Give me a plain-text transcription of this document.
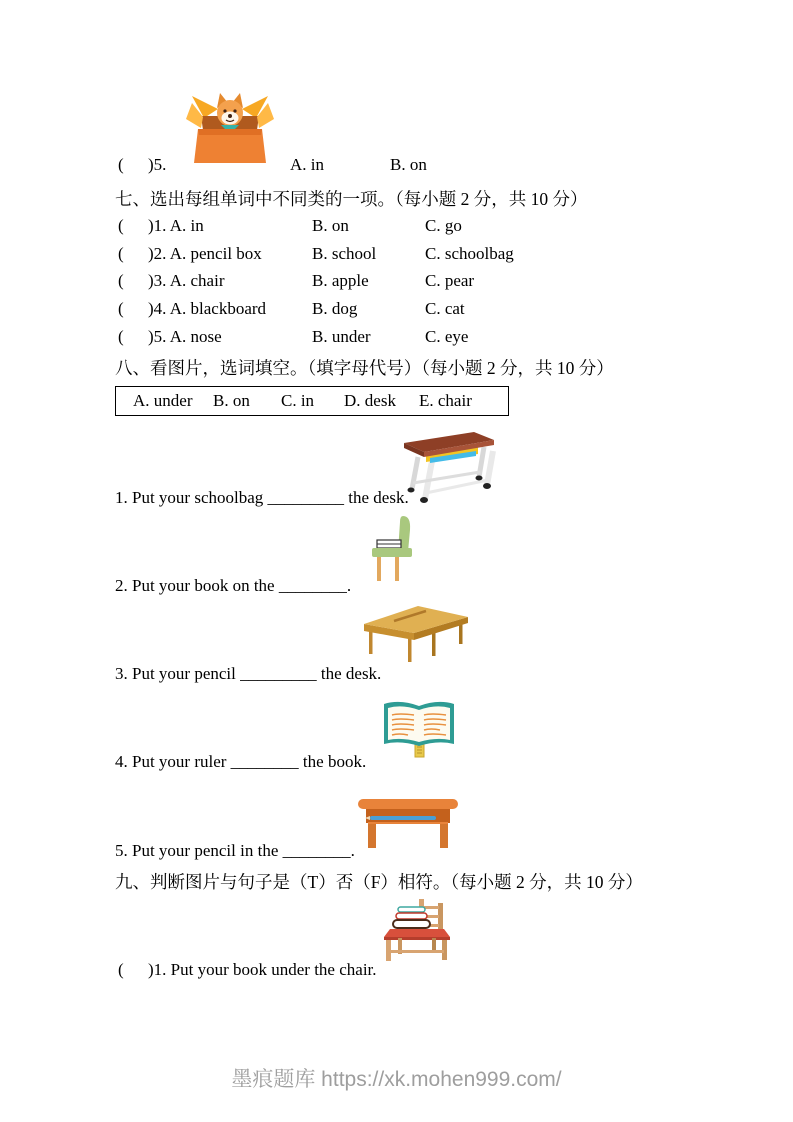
( )5.	A. in	B. on
七、选出每组单词中不同类的一项。（每小题 2 分，共 10 分）
( )1. A. in	B. on	C. go
( )2. A. pencil box	B. school	C. schoolbag
( )3. A. chair	B. apple	C. pear
( )4. A. blackboard	B. dog	C. cat
( )5. A. nose	B. under	C. eye
八、看图片，选词填空。（填字母代号）（每小题 2 分，共 10 分）
A. under B. on C. in D. desk E. chair
1. Put your schoolbag _________ the desk.
2. Put your book on the ________.
3. Put your pencil _________ the desk.
4. Put your ruler ________ the book.
5. Put your pencil in the ________.
九、判断图片与句子是（T）否（F）相符。（每小题 2 分，共 10 分）
( )1. Put your book under the chair.
墨痕题库 https://xk.mohen999.com/
